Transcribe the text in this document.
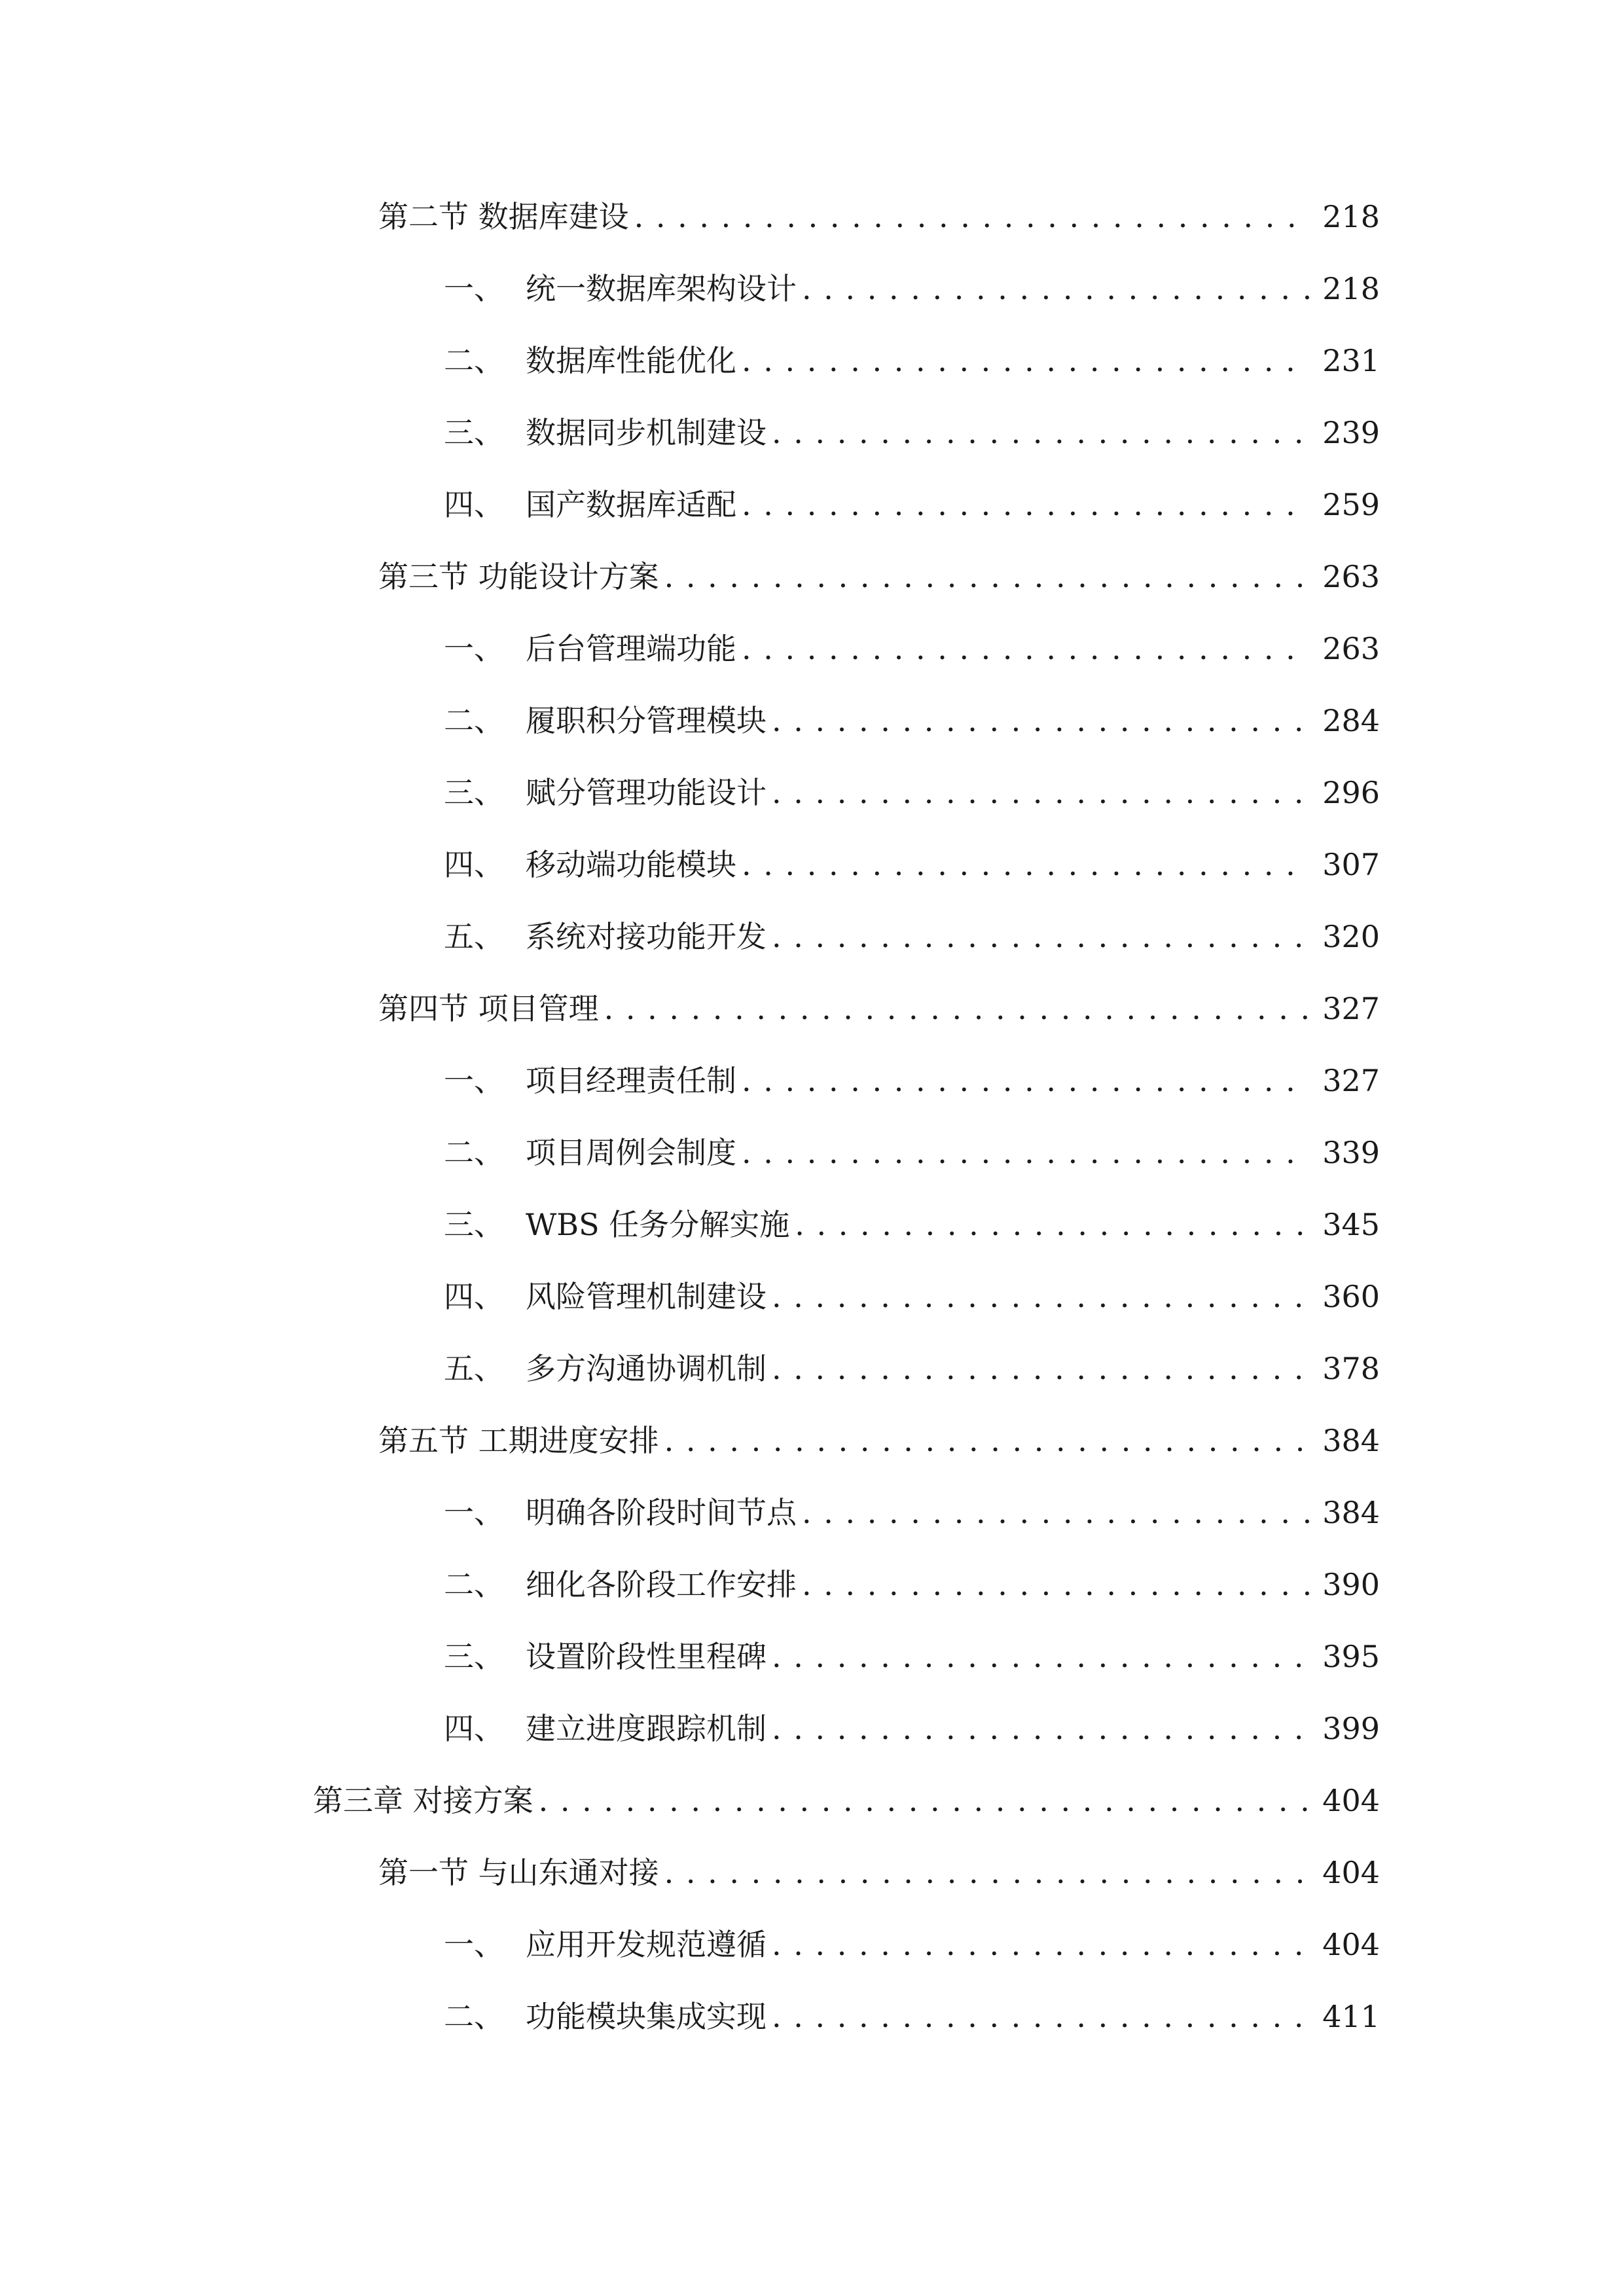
第二节 数据库建设 . . .	218
一、 统一数据库架构设计 . . .	218
二、 数据库性能优化 . . .	231
三、 数据同步机制建设 . . .	239
四、 国产数据库适配 . . .	259
第三节 功能设计方案 . . .	263
一、 后台管理端功能 . . .	263
二、 履职积分管理模块 . . .	284
三、 赋分管理功能设计 . . .	296
四、 移动端功能模块 . . .	307
五、 系统对接功能开发 . . .	320
第四节 项目管理 . . .	327
一、 项目经理责任制 . . .	327
二、 项目周例会制度 . . .	339
三、 WBS 任务分解实施 . . .	345
四、 风险管理机制建设 . . .	360
五、 多方沟通协调机制 . . .	378
第五节 工期进度安排 . . .	384
一、 明确各阶段时间节点 . . .	384
二、 细化各阶段工作安排 . . .	390
三、 设置阶段性里程碑 . . .	395
四、 建立进度跟踪机制 . . .	399
第三章 对接方案 . . .	404
第一节 与山东通对接 . . .	404
一、 应用开发规范遵循 . . .	404
二、 功能模块集成实现 . . .	411
